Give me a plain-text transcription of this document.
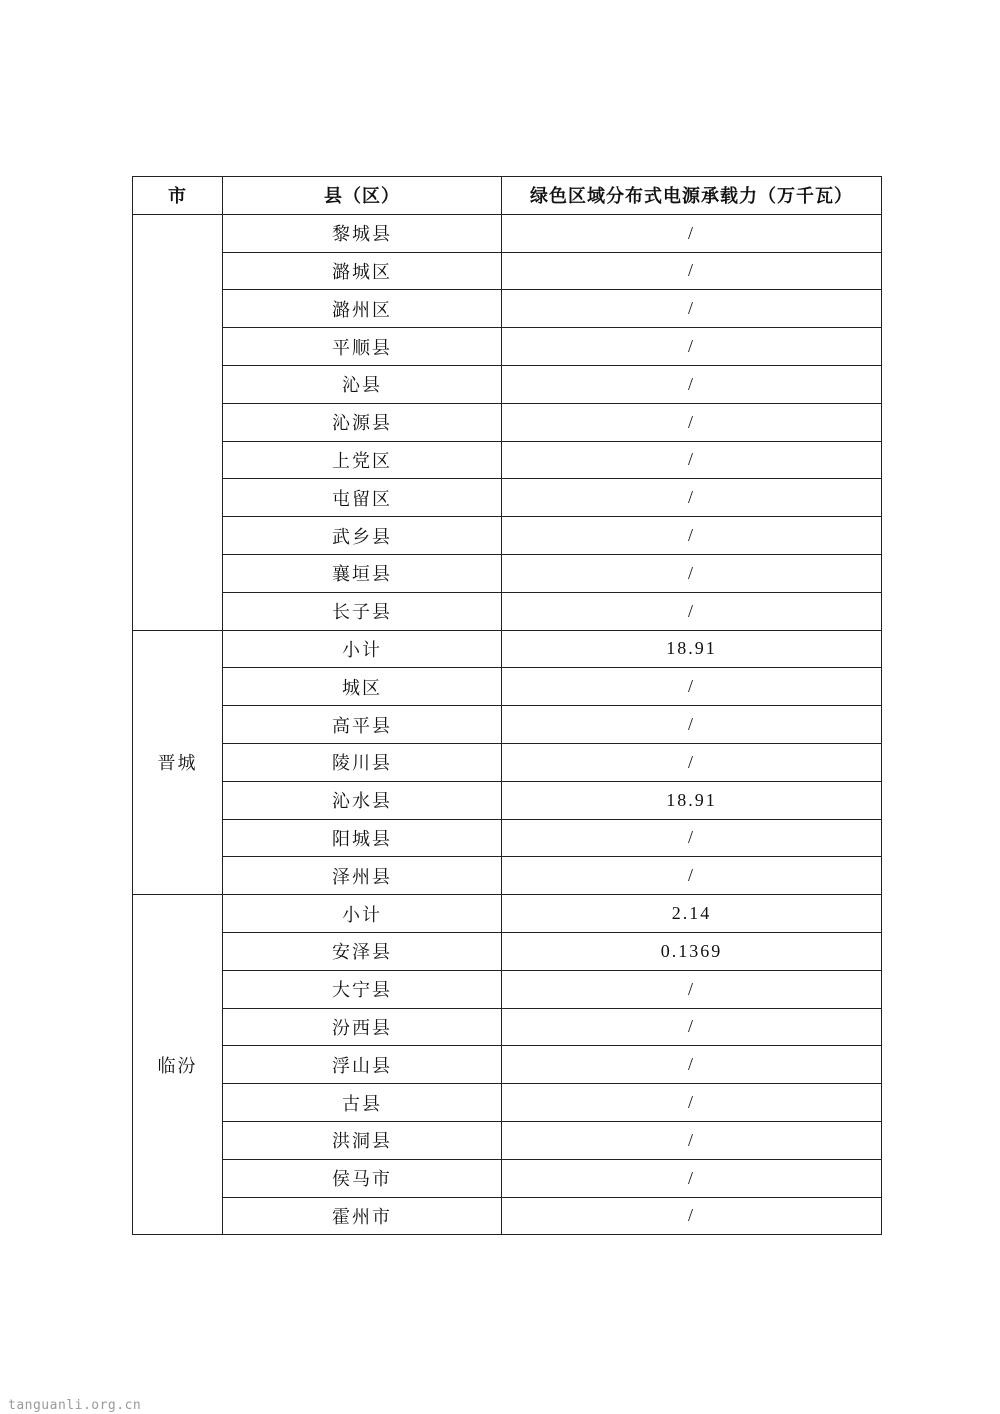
市	县（区）	绿色区域分布式电源承载力（万千瓦）
	黎城县	/
	潞城区	/
	潞州区	/
	平顺县	/
	沁县	/
	沁源县	/
	上党区	/
	屯留区	/
	武乡县	/
	襄垣县	/
	长子县	/
晋城	小计	18.91
	城区	/
	高平县	/
	陵川县	/
	沁水县	18.91
	阳城县	/
	泽州县	/
临汾	小计	2.14
	安泽县	0.1369
	大宁县	/
	汾西县	/
	浮山县	/
	古县	/
	洪洞县	/
	侯马市	/
	霍州市	/
tanguanli.org.cn
